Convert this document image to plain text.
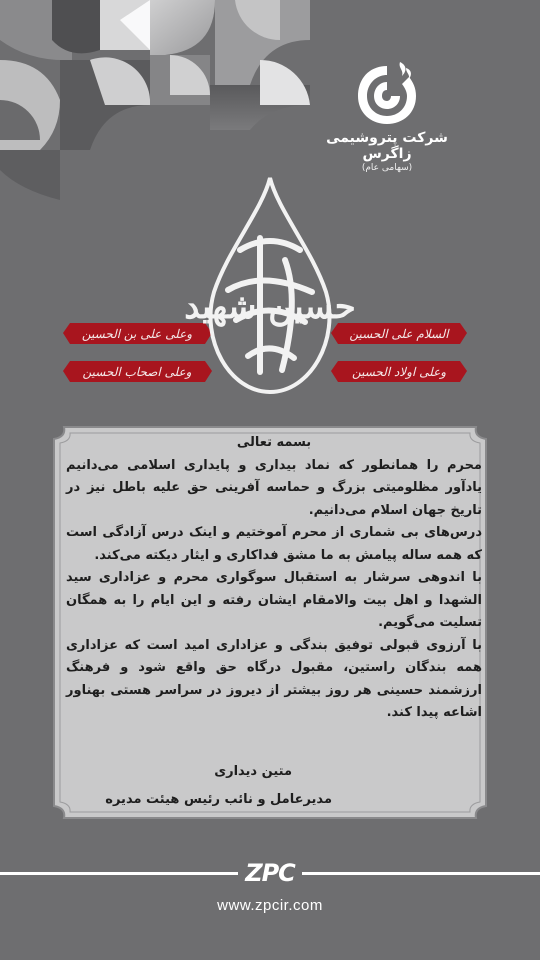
شرکت پتروشیمی زاگرس
(سهامی عام)
وعلی علی بن الحسین
وعلی اصحاب الحسین
السلام علی الحسین
وعلی اولاد الحسین
حسین شهید
بسمه تعالی

محرم را همانطور که نماد بیداری و پایداری اسلامی می‌دانیم یادآور مظلومیتی بزرگ و حماسه آفرینی حق علیه باطل نیز در تاریخ جهان اسلام می‌دانیم.

درس‌های بی شماری از محرم آموختیم و اینک درس آزادگی است که همه ساله پیامش به ما مشق فداکاری و ایثار دیکته می‌کند.

با اندوهی سرشار به استقبال سوگواری محرم و عزاداری سید الشهدا و اهل بیت والامقام ایشان رفته و این ایام را به همگان تسلیت می‌گویم.

با آرزوی قبولی توفیق بندگی و عزاداری امید است که عزاداری همه بندگان راستین، مقبول درگاه حق واقع شود و فرهنگ ارزشمند حسینی هر روز بیشتر از دیروز در سراسر هستی بهناور اشاعه پیدا کند.

متین دیداری
مدیرعامل و نائب رئیس هیئت مدیره
ZPC
www.zpcir.com
